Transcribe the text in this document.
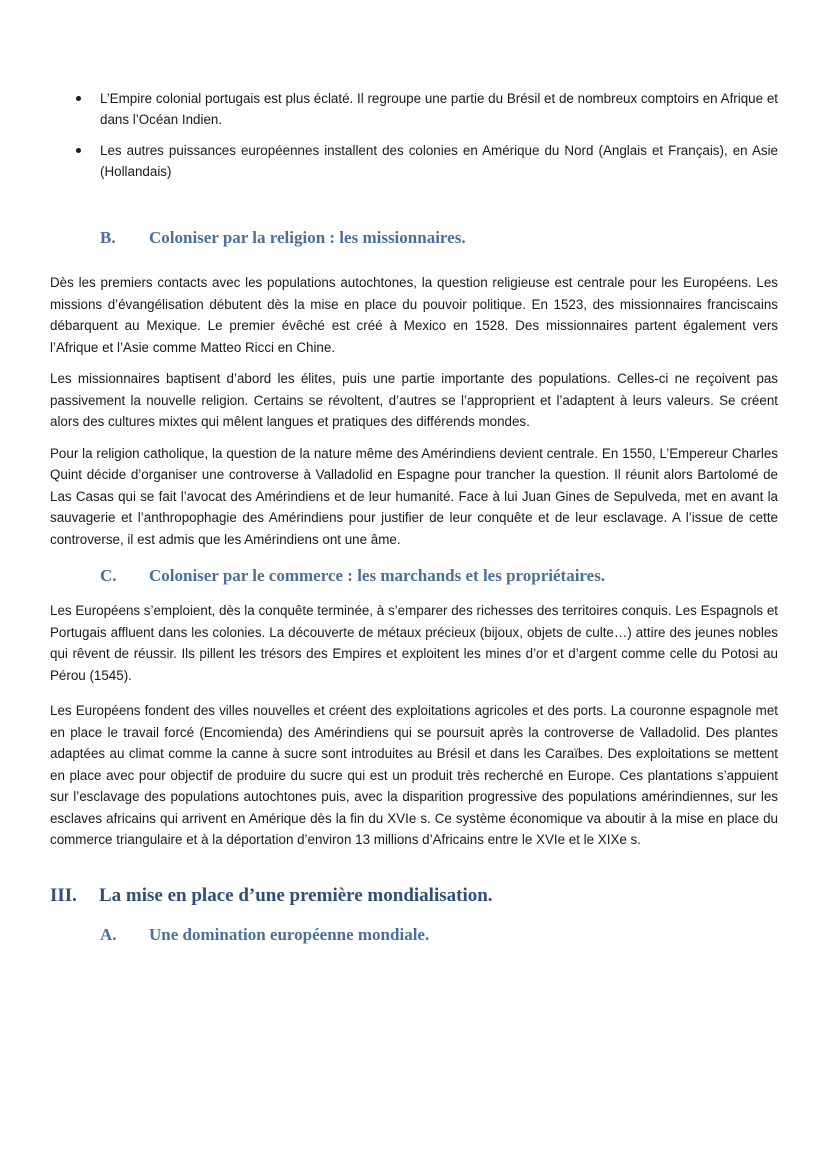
L’Empire colonial portugais est plus éclaté. Il regroupe une partie du Brésil et de nombreux comptoirs en Afrique et dans l’Océan Indien.
Les autres puissances européennes installent des colonies en Amérique du Nord (Anglais et Français), en Asie (Hollandais)
B. Coloniser par la religion : les missionnaires.

Dès les premiers contacts avec les populations autochtones, la question religieuse est centrale pour les Européens. Les missions d’évangélisation débutent dès la mise en place du pouvoir politique. En 1523, des missionnaires franciscains débarquent au Mexique. Le premier évêché est créé à Mexico en 1528. Des missionnaires partent également vers l’Afrique et l’Asie comme Matteo Ricci en Chine.

Les missionnaires baptisent d’abord les élites, puis une partie importante des populations. Celles-ci ne reçoivent pas passivement la nouvelle religion. Certains se révoltent, d’autres se l’approprient et l’adaptent à leurs valeurs. Se créent alors des cultures mixtes qui mêlent langues et pratiques des différends mondes.

Pour la religion catholique, la question de la nature même des Amérindiens devient centrale. En 1550, L’Empereur Charles Quint décide d’organiser une controverse à Valladolid en Espagne pour trancher la question. Il réunit alors Bartolomé de Las Casas qui se fait l’avocat des Amérindiens et de leur humanité. Face à lui Juan Gines de Sepulveda, met en avant la sauvagerie et l’anthropophagie des Amérindiens pour justifier de leur conquête et de leur esclavage. A l’issue de cette controverse, il est admis que les Amérindiens ont une âme.

C. Coloniser par le commerce : les marchands et les propriétaires.

Les Européens s’emploient, dès la conquête terminée, à s’emparer des richesses des territoires conquis. Les Espagnols et Portugais affluent dans les colonies. La découverte de métaux précieux (bijoux, objets de culte…) attire des jeunes nobles qui rêvent de réussir. Ils pillent les trésors des Empires et exploitent les mines d’or et d’argent comme celle du Potosi au Pérou (1545).

Les Européens fondent des villes nouvelles et créent des exploitations agricoles et des ports. La couronne espagnole met en place le travail forcé (Encomienda) des Amérindiens qui se poursuit après la controverse de Valladolid. Des plantes adaptées au climat comme la canne à sucre sont introduites au Brésil et dans les Caraïbes. Des exploitations se mettent en place avec pour objectif de produire du sucre qui est un produit très recherché en Europe. Ces plantations s’appuient sur l’esclavage des populations autochtones puis, avec la disparition progressive des populations amérindiennes, sur les esclaves africains qui arrivent en Amérique dès la fin du XVIe s. Ce système économique va aboutir à la mise en place du commerce triangulaire et à la déportation d’environ 13 millions d’Africains entre le XVIe et le XIXe s.

III. La mise en place d’une première mondialisation.
A. Une domination européenne mondiale.
